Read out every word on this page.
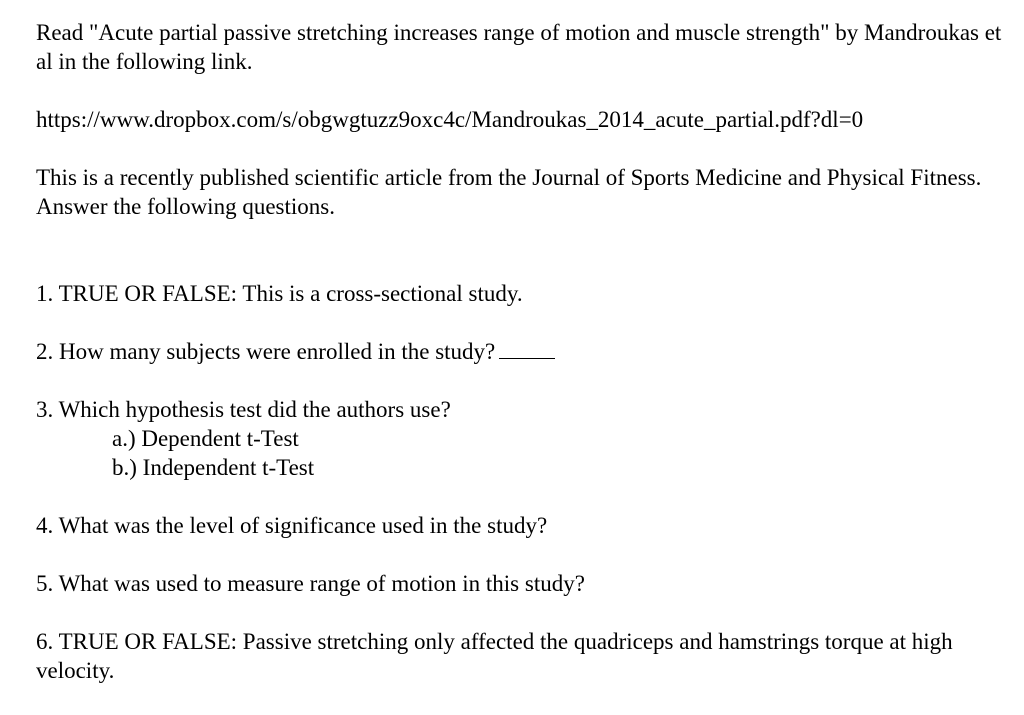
Read "Acute partial passive stretching increases range of motion and muscle strength" by Mandroukas et al in the following link.

https://www.dropbox.com/s/obgwgtuzz9oxc4c/Mandroukas_2014_acute_partial.pdf?dl=0

This is a recently published scientific article from the Journal of Sports Medicine and Physical Fitness. Answer the following questions.

1. TRUE OR FALSE: This is a cross-sectional study.

2. How many subjects were enrolled in the study?

3. Which hypothesis test did the authors use?

a.) Dependent t-Test

b.) Independent t-Test

4. What was the level of significance used in the study?

5. What was used to measure range of motion in this study?

6. TRUE OR FALSE: Passive stretching only affected the quadriceps and hamstrings torque at high velocity.
